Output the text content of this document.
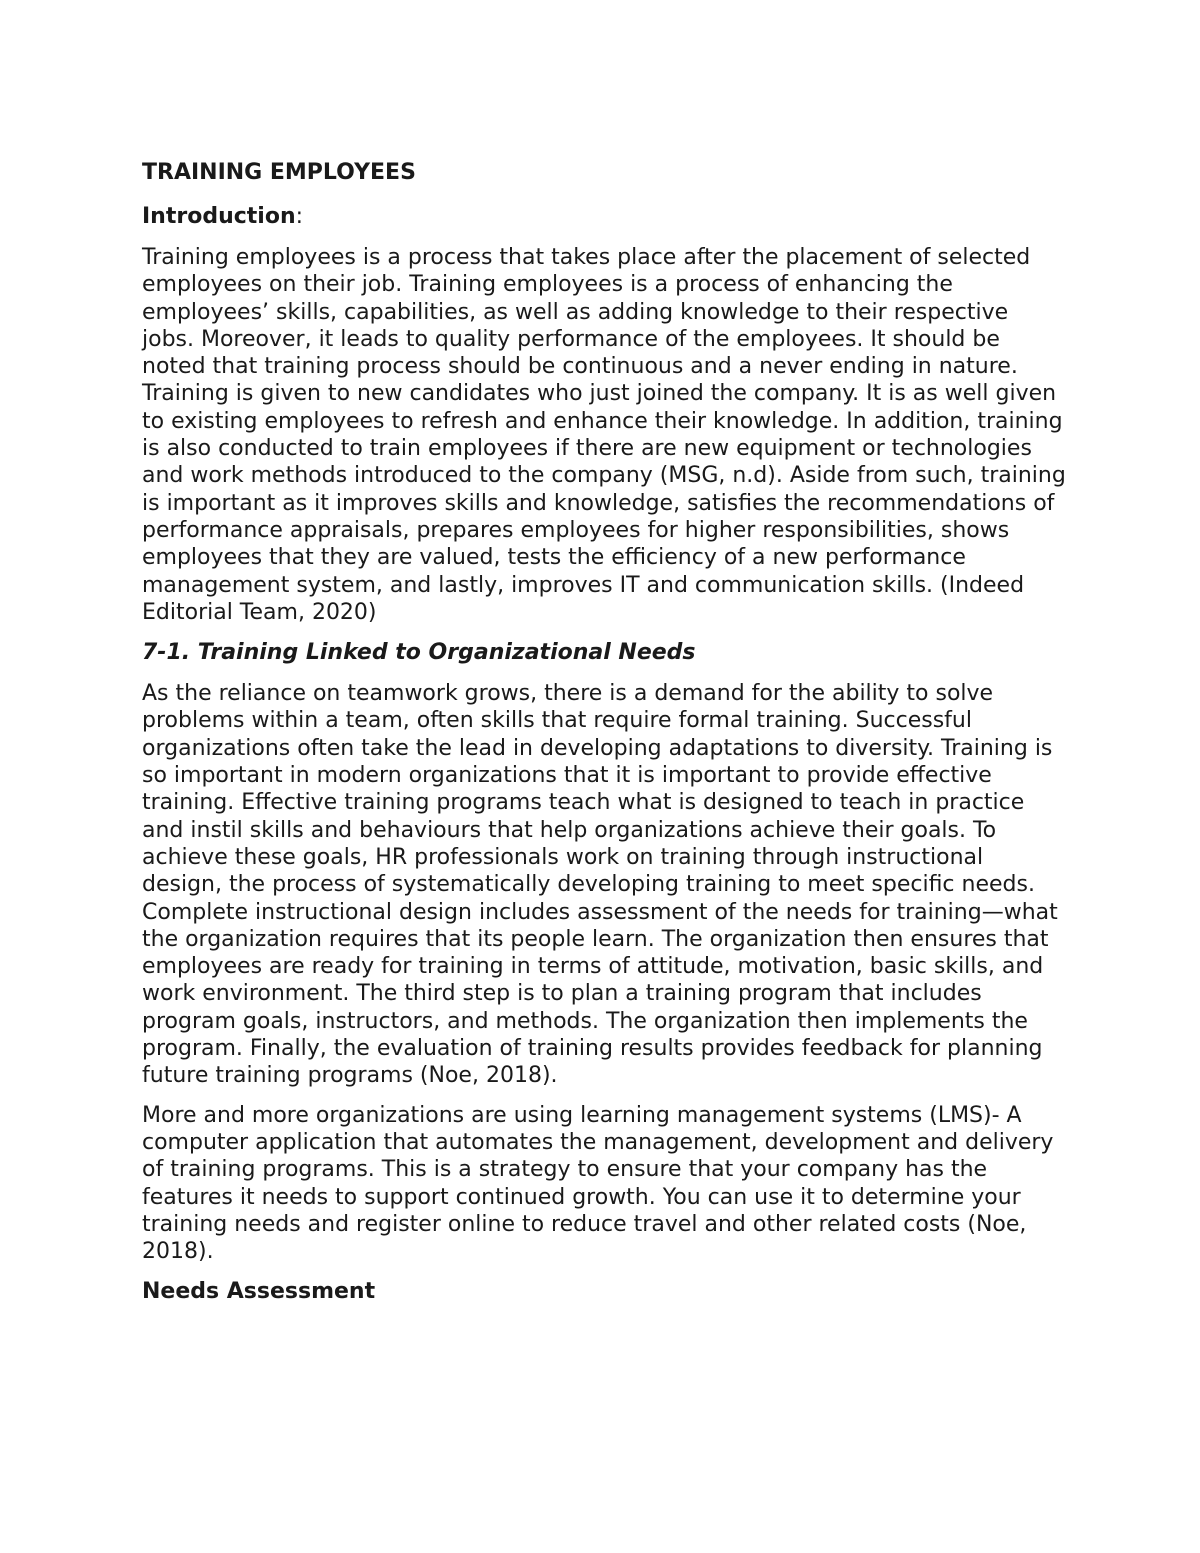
TRAINING EMPLOYEES
Introduction:

Training employees is a process that takes place after the placement of selected employees on their job. Training employees is a process of enhancing the employees’ skills, capabilities, as well as adding knowledge to their respective jobs. Moreover, it leads to quality performance of the employees. It should be noted that training process should be continuous and a never ending in nature. Training is given to new candidates who just joined the company. It is as well given to existing employees to refresh and enhance their knowledge. In addition, training is also conducted to train employees if there are new equipment or technologies and work methods introduced to the company (MSG, n.d). Aside from such, training is important as it improves skills and knowledge, satisfies the recommendations of performance appraisals, prepares employees for higher responsibilities, shows employees that they are valued, tests the efficiency of a new performance management system, and lastly, improves IT and communication skills. (Indeed Editorial Team, 2020)

7-1. Training Linked to Organizational Needs

As the reliance on teamwork grows, there is a demand for the ability to solve problems within a team, often skills that require formal training. Successful organizations often take the lead in developing adaptations to diversity. Training is so important in modern organizations that it is important to provide effective training. Effective training programs teach what is designed to teach in practice and instil skills and behaviours that help organizations achieve their goals. To achieve these goals, HR professionals work on training through instructional design, the process of systematically developing training to meet specific needs. Complete instructional design includes assessment of the needs for training—what the organization requires that its people learn. The organization then ensures that employees are ready for training in terms of attitude, motivation, basic skills, and work environment. The third step is to plan a training program that includes program goals, instructors, and methods. The organization then implements the program. Finally, the evaluation of training results provides feedback for planning future training programs (Noe, 2018).

More and more organizations are using learning management systems (LMS)- A computer application that automates the management, development and delivery of training programs. This is a strategy to ensure that your company has the features it needs to support continued growth. You can use it to determine your training needs and register online to reduce travel and other related costs (Noe, 2018).

Needs Assessment
